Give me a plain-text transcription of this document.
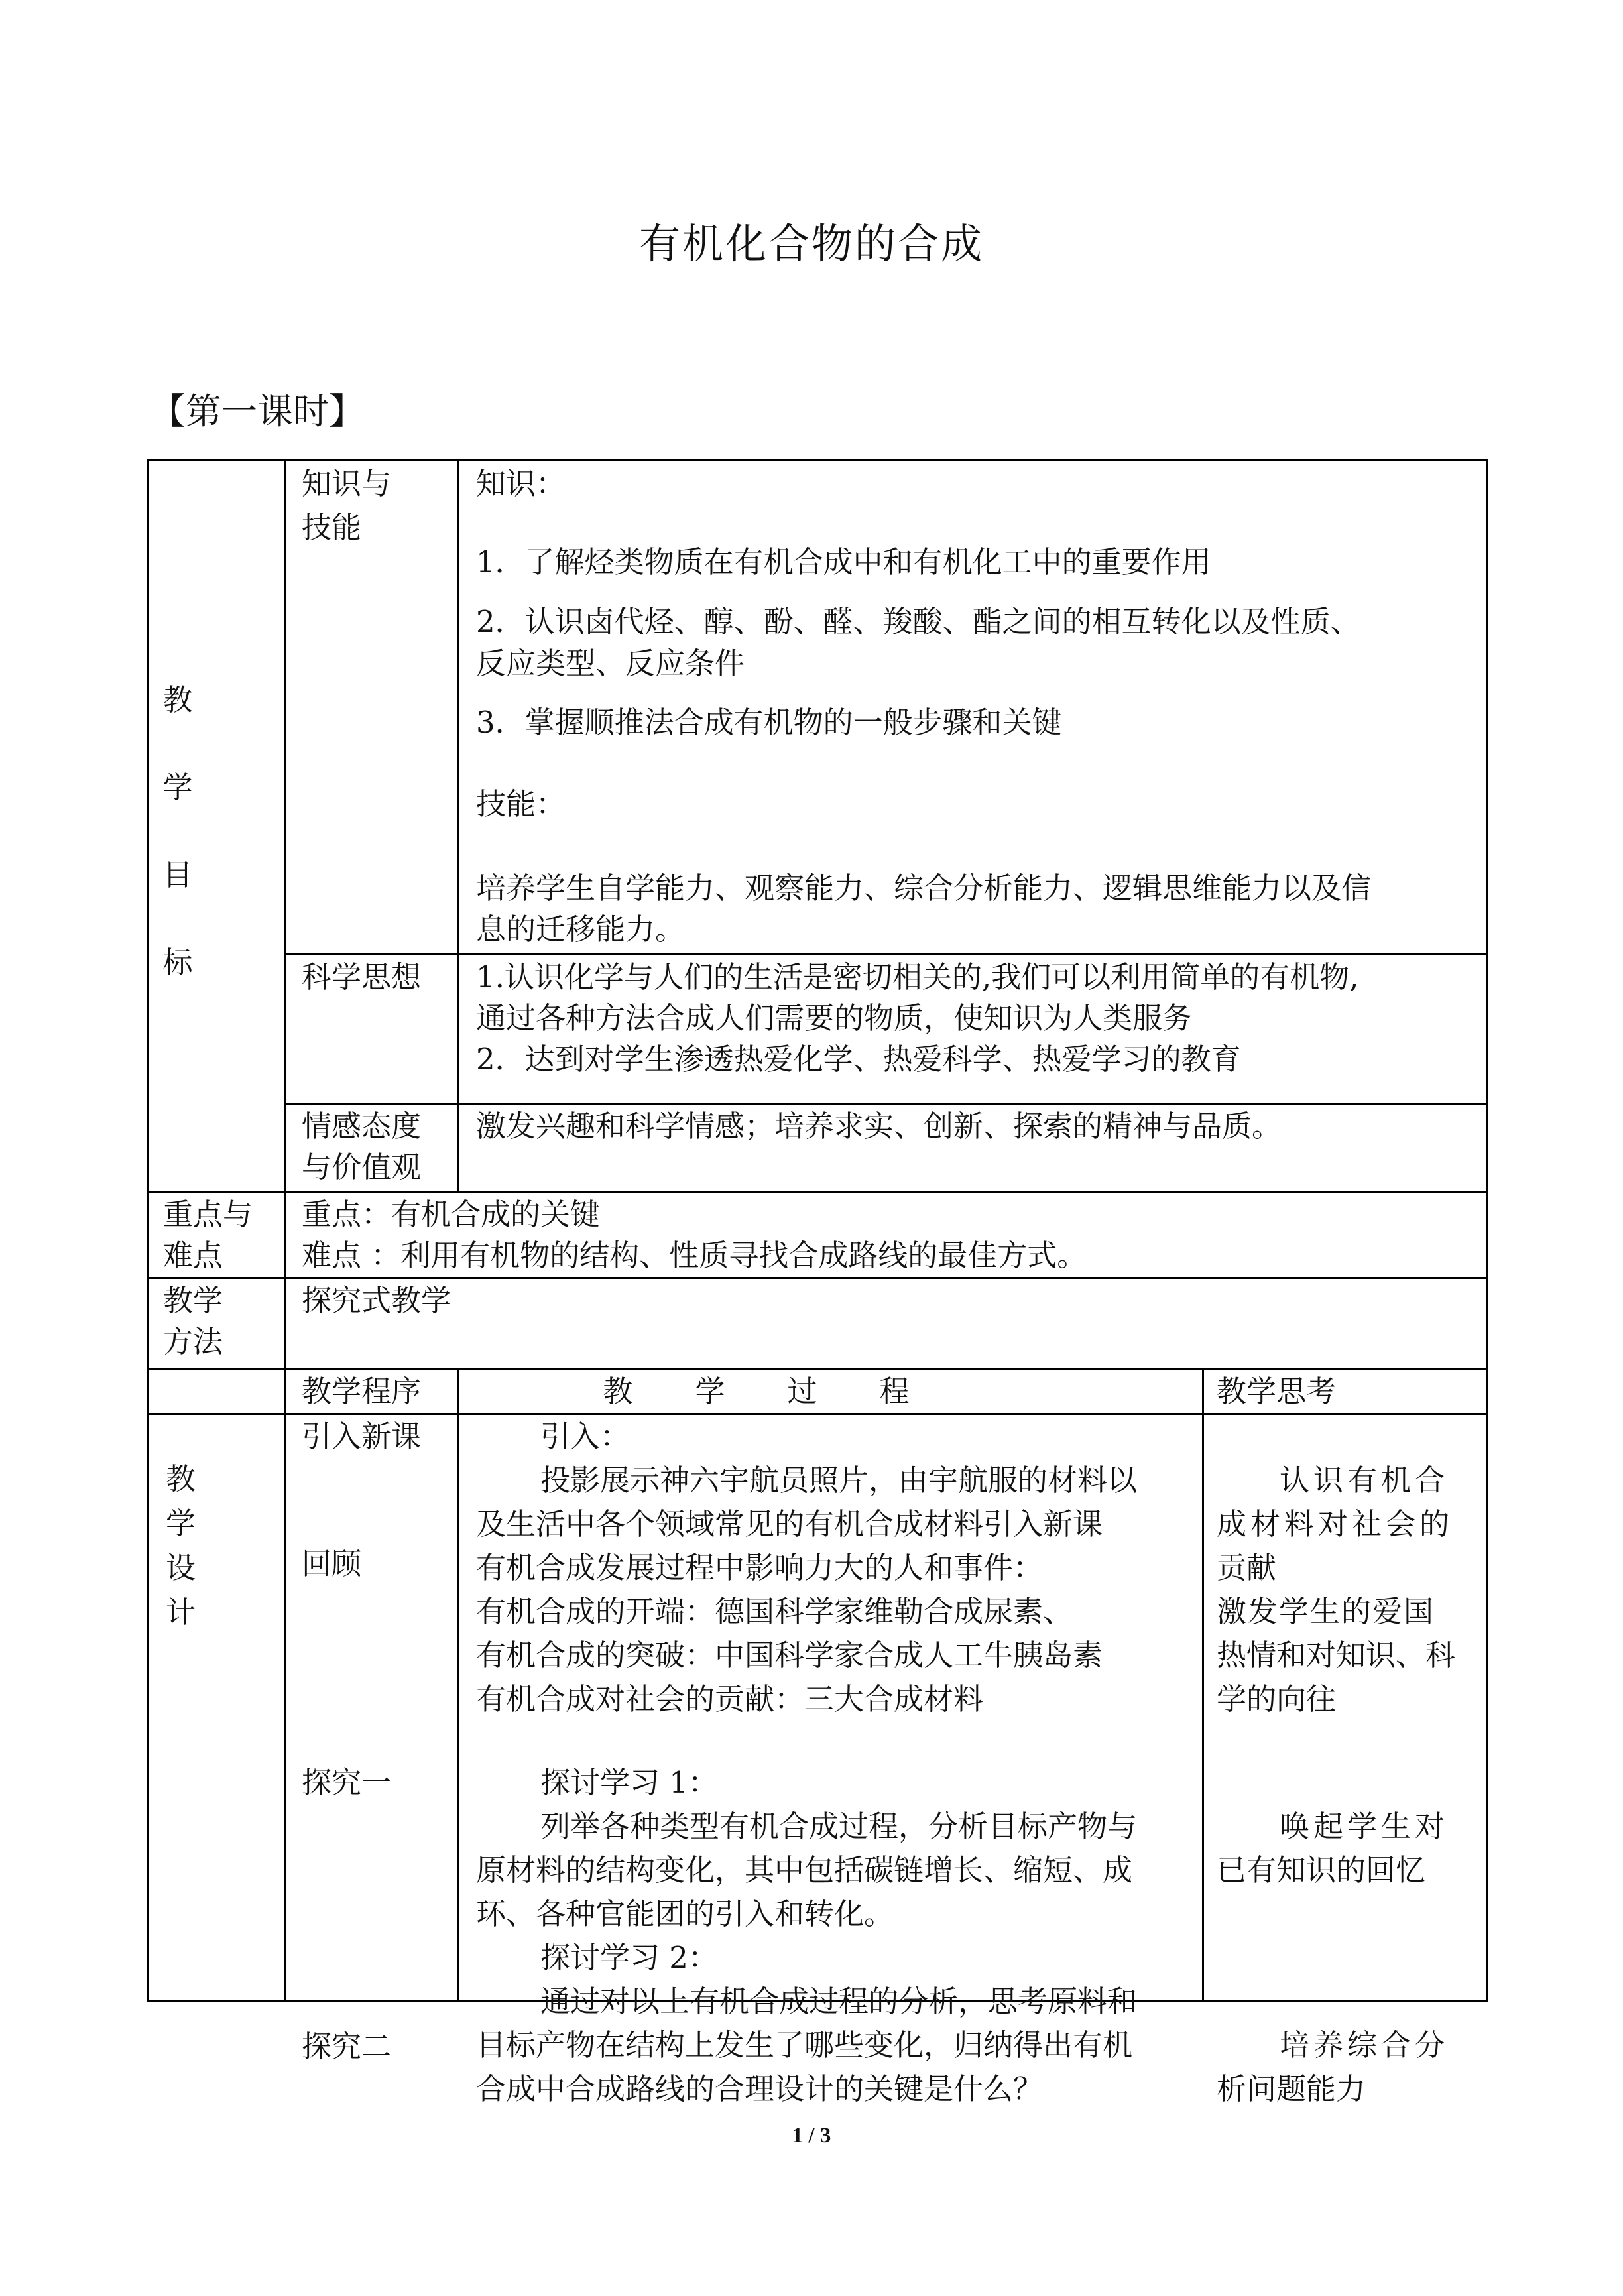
有机化合物的合成
【第一课时】
教
学
目
标
知识与
技能
知识：
1．了解烃类物质在有机合成中和有机化工中的重要作用
2．认识卤代烃、醇、酚、醛、羧酸、酯之间的相互转化以及性质、
反应类型、反应条件
3．掌握顺推法合成有机物的一般步骤和关键
技能：
培养学生自学能力、观察能力、综合分析能力、逻辑思维能力以及信
息的迁移能力。
科学思想 1.认识化学与人们的生活是密切相关的,我们可以利用简单的有机物,
通过各种方法合成人们需要的物质，使知识为人类服务
2．达到对学生渗透热爱化学、热爱科学、热爱学习的教育
情感态度
与价值观
激发兴趣和科学情感；培养求实、创新、探索的精神与品质。
重点与
难点
重点：有机合成的关键
难点 ：利用有机物的结构、性质寻找合成路线的最佳方式。
教学
方法
探究式教学
教学程序	教 学 过 程	教学思考
教
学
设
计
引入新课
回顾
探究一
探究二
引入：
投影展示神六宇航员照片，由宇航服的材料以
及生活中各个领域常见的有机合成材料引入新课
有机合成发展过程中影响力大的人和事件：
有机合成的开端：德国科学家维勒合成尿素、
有机合成的突破：中国科学家合成人工牛胰岛素
有机合成对社会的贡献：三大合成材料
探讨学习 1：
列举各种类型有机合成过程，分析目标产物与
原材料的结构变化，其中包括碳链增长、缩短、成
环、各种官能团的引入和转化。
探讨学习 2：
通过对以上有机合成过程的分析，思考原料和
目标产物在结构上发生了哪些变化，归纳得出有机
合成中合成路线的合理设计的关键是什么？
认识有机合
成材料对社会的
贡献
激发学生的爱国
热情和对知识、科
学的向往
唤起学生对
已有知识的回忆
培养综合分
析问题能力
1 / 3
